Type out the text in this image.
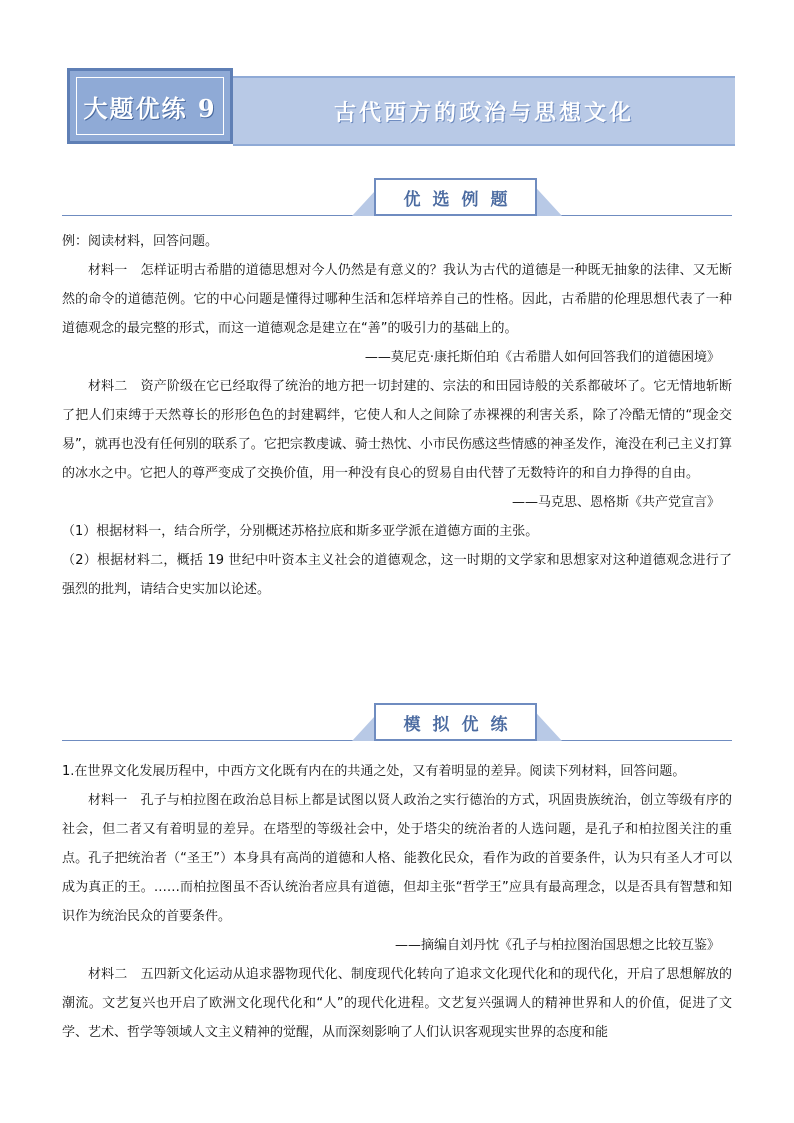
大题优练 9	古代西方的政治与思想文化
优选例题

例：阅读材料，回答问题。

材料一　怎样证明古希腊的道德思想对今人仍然是有意义的？我认为古代的道德是一种既无抽象的法律、又无断然的命令的道德范例。它的中心问题是懂得过哪种生活和怎样培养自己的性格。因此，古希腊的伦理思想代表了一种道德观念的最完整的形式，而这一道德观念是建立在“善”的吸引力的基础上的。

——莫尼克·康托斯伯珀《古希腊人如何回答我们的道德困境》

材料二　资产阶级在它已经取得了统治的地方把一切封建的、宗法的和田园诗般的关系都破坏了。它无情地斩断了把人们束缚于天然尊长的形形色色的封建羁绊，它使人和人之间除了赤裸裸的利害关系，除了冷酷无情的“现金交易”，就再也没有任何别的联系了。它把宗教虔诚、骑士热忱、小市民伤感这些情感的神圣发作，淹没在利己主义打算的冰水之中。它把人的尊严变成了交换价值，用一种没有良心的贸易自由代替了无数特许的和自力挣得的自由。

——马克思、恩格斯《共产党宣言》

（1）根据材料一，结合所学，分别概述苏格拉底和斯多亚学派在道德方面的主张。

（2）根据材料二，概括 19 世纪中叶资本主义社会的道德观念，这一时期的文学家和思想家对这种道德观念进行了强烈的批判，请结合史实加以论述。

模拟优练

1.在世界文化发展历程中，中西方文化既有内在的共通之处，又有着明显的差异。阅读下列材料，回答问题。

材料一　孔子与柏拉图在政治总目标上都是试图以贤人政治之实行德治的方式，巩固贵族统治，创立等级有序的社会，但二者又有着明显的差异。在塔型的等级社会中，处于塔尖的统治者的人选问题，是孔子和柏拉图关注的重点。孔子把统治者（“圣王”）本身具有高尚的道德和人格、能教化民众，看作为政的首要条件，认为只有圣人才可以成为真正的王。……而柏拉图虽不否认统治者应具有道德，但却主张“哲学王”应具有最高理念，以是否具有智慧和知识作为统治民众的首要条件。

——摘编自刘丹忱《孔子与柏拉图治国思想之比较互鉴》

材料二　五四新文化运动从追求器物现代化、制度现代化转向了追求文化现代化和的现代化，开启了思想解放的潮流。文艺复兴也开启了欧洲文化现代化和“人”的现代化进程。文艺复兴强调人的精神世界和人的价值，促进了文学、艺术、哲学等领域人文主义精神的觉醒，从而深刻影响了人们认识客观现实世界的态度和能
